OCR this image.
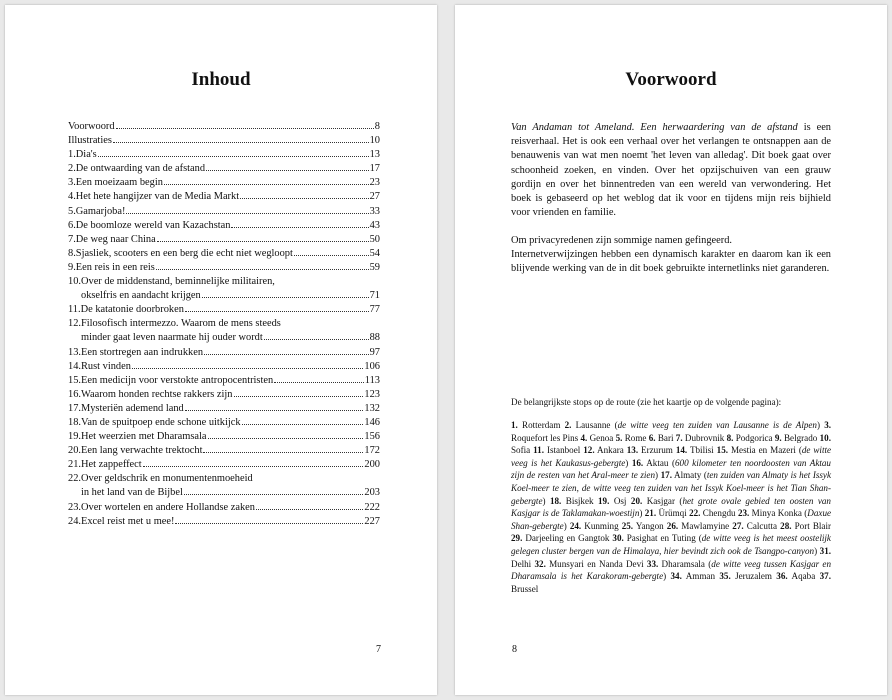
Inhoud
Voorwoord	8
Illustraties	10
1. Dia's	13
2. De ontwaarding van de afstand	17
3. Een moeizaam begin	23
4. Het hete hangijzer van de Media Markt	27
5. Gamarjoba!	33
6. De boomloze wereld van Kazachstan	43
7. De weg naar China	50
8. Sjasliek, scooters en een berg die echt niet wegloopt	54
9. Een reis in een reis	59
10. Over de middenstand, beminnelijke militairen,
okselfris en aandacht krijgen	71
11. De katatonie doorbroken	77
12. Filosofisch intermezzo. Waarom de mens steeds
minder gaat leven naarmate hij ouder wordt	88
13. Een stortregen aan indrukken	97
14. Rust vinden	106
15. Een medicijn voor verstokte antropocentristen	113
16. Waarom honden rechtse rakkers zijn	123
17. Mysteriën ademend land	132
18. Van de spuitpoep ende schone uitkijck	146
19. Het weerzien met Dharamsala	156
20. Een lang verwachte trektocht	172
21. Het zappeffect	200
22. Over geldschrik en monumentenmoeheid
in het land van de Bijbel	203
23. Over wortelen en andere Hollandse zaken	222
24. Excel reist met u mee!	227
7
Voorwoord

Van Andaman tot Ameland. Een herwaardering van de afstand is een reisverhaal. Het is ook een verhaal over het verlangen te ontsnappen aan de benauwenis van wat men noemt 'het leven van alledag'. Dit boek gaat over schoonheid zoeken, en vinden. Over het opzijschuiven van een grauw gordijn en over het binnentreden van een wereld van verwondering. Het boek is gebaseerd op het weblog dat ik voor en tijdens mijn reis bijhield voor vrienden en familie.

Om privacyredenen zijn sommige namen gefingeerd.

Internetverwijzingen hebben een dynamisch karakter en daarom kan ik een blijvende werking van de in dit boek gebruikte internetlinks niet garanderen.

De belangrijkste stops op de route (zie het kaartje op de volgende pagina):
1. Rotterdam 2. Lausanne (de witte veeg ten zuiden van Lausanne is de Alpen) 3. Roquefort les Pins 4. Genoa 5. Rome 6. Bari 7. Dubrovnik 8. Podgorica 9. Belgrado 10. Sofia 11. Istanboel 12. Ankara 13. Erzurum 14. Tbilisi 15. Mestia en Mazeri (de witte veeg is het Kaukasus-gebergte) 16. Aktau (600 kilometer ten noordoosten van Aktau zijn de resten van het Aral-meer te zien) 17. Almaty (ten zuiden van Almaty is het Issyk Koel-meer te zien, de witte veeg ten zuiden van het Issyk Koel-meer is het Tian Shan-gebergte) 18. Bisjkek 19. Osj 20. Kasjgar (het grote ovale gebied ten oosten van Kasjgar is de Taklamakan-woestijn) 21. Ürümqi 22. Chengdu 23. Minya Konka (Daxue Shan-gebergte) 24. Kunming 25. Yangon 26. Mawlamyine 27. Calcutta 28. Port Blair 29. Darjeeling en Gangtok 30. Pasighat en Tuting (de witte veeg is het meest oostelijk gelegen cluster bergen van de Himalaya, hier bevindt zich ook de Tsangpo-canyon) 31. Delhi 32. Munsyari en Nanda Devi 33. Dharamsala (de witte veeg tussen Kasjgar en Dharamsala is het Karakoram-gebergte) 34. Amman 35. Jeruzalem 36. Aqaba 37. Brussel
8
